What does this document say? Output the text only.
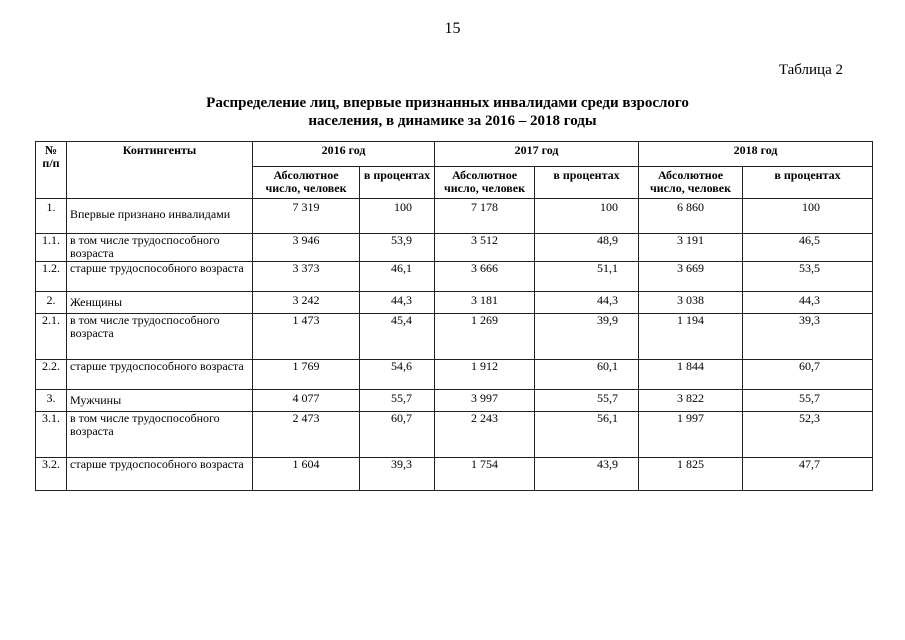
15
Таблица 2
Распределение лиц, впервые признанных инвалидами среди взрослого
населения, в динамике за 2016 – 2018 годы
№ п/п	Контингенты	2016 год		2017 год		2018 год	
		Абсолютное число, человек	в процентах	Абсолютное число, человек	в процентах	Абсолютное число, человек	в процентах
1.	Впервые признано инвалидами	7 319	100	7 178	100	6 860	100
1.1.	в том числе трудоспособного возраста	3 946	53,9	3 512	48,9	3 191	46,5
1.2.	старше трудоспособного возраста	3 373	46,1	3 666	51,1	3 669	53,5
2.	Женщины	3 242	44,3	3 181	44,3	3 038	44,3
2.1.	в том числе трудоспособного возраста	1 473	45,4	1 269	39,9	1 194	39,3
2.2.	старше трудоспособного возраста	1 769	54,6	1 912	60,1	1 844	60,7
3.	Мужчины	4 077	55,7	3 997	55,7	3 822	55,7
3.1.	в том числе трудоспособного возраста	2 473	60,7	2 243	56,1	1 997	52,3
3.2.	старше трудоспособного возраста	1 604	39,3	1 754	43,9	1 825	47,7
